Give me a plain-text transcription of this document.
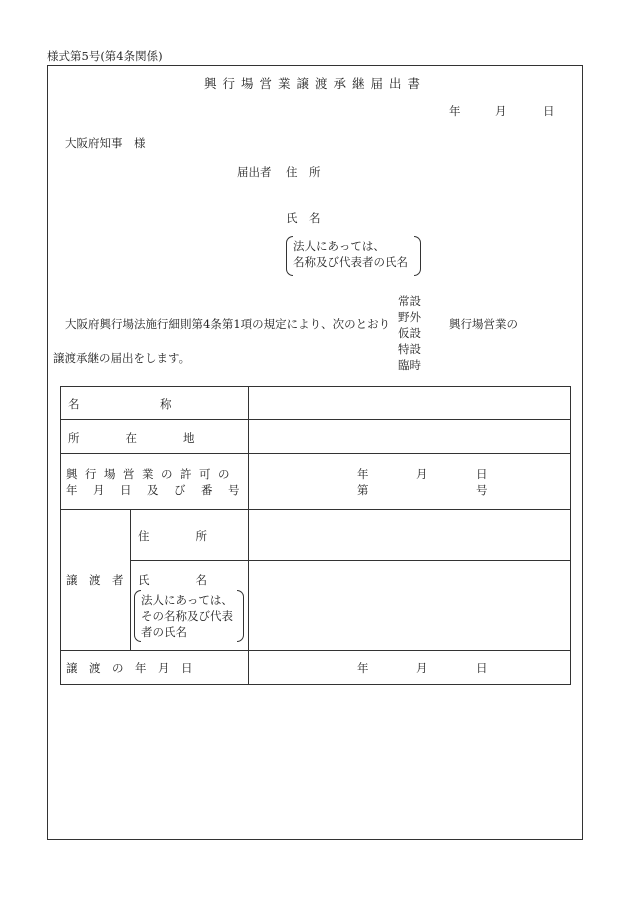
様式第5号(第4条関係)
興行場営業譲渡承継届出書
年	月	日
大阪府知事　様
届出者 住　所
氏　名
法人にあっては、
名称及び代表者の氏名
大阪府興行場法施行細則第4条第1項の規定により、次のとおり
常設
野外
仮設
特設
臨時
興行場営業の
譲渡承継の届出をします。
名　　　　　　　称
所　　　　在　　　　地
興行場営業の許可の
年月日及び番号
年	月	日
第	号
譲　渡　者
住　　　　所
氏　　　　名
法人にあっては、
その名称及び代表
者の氏名
譲　渡　の　年　月　日	年	月	日
